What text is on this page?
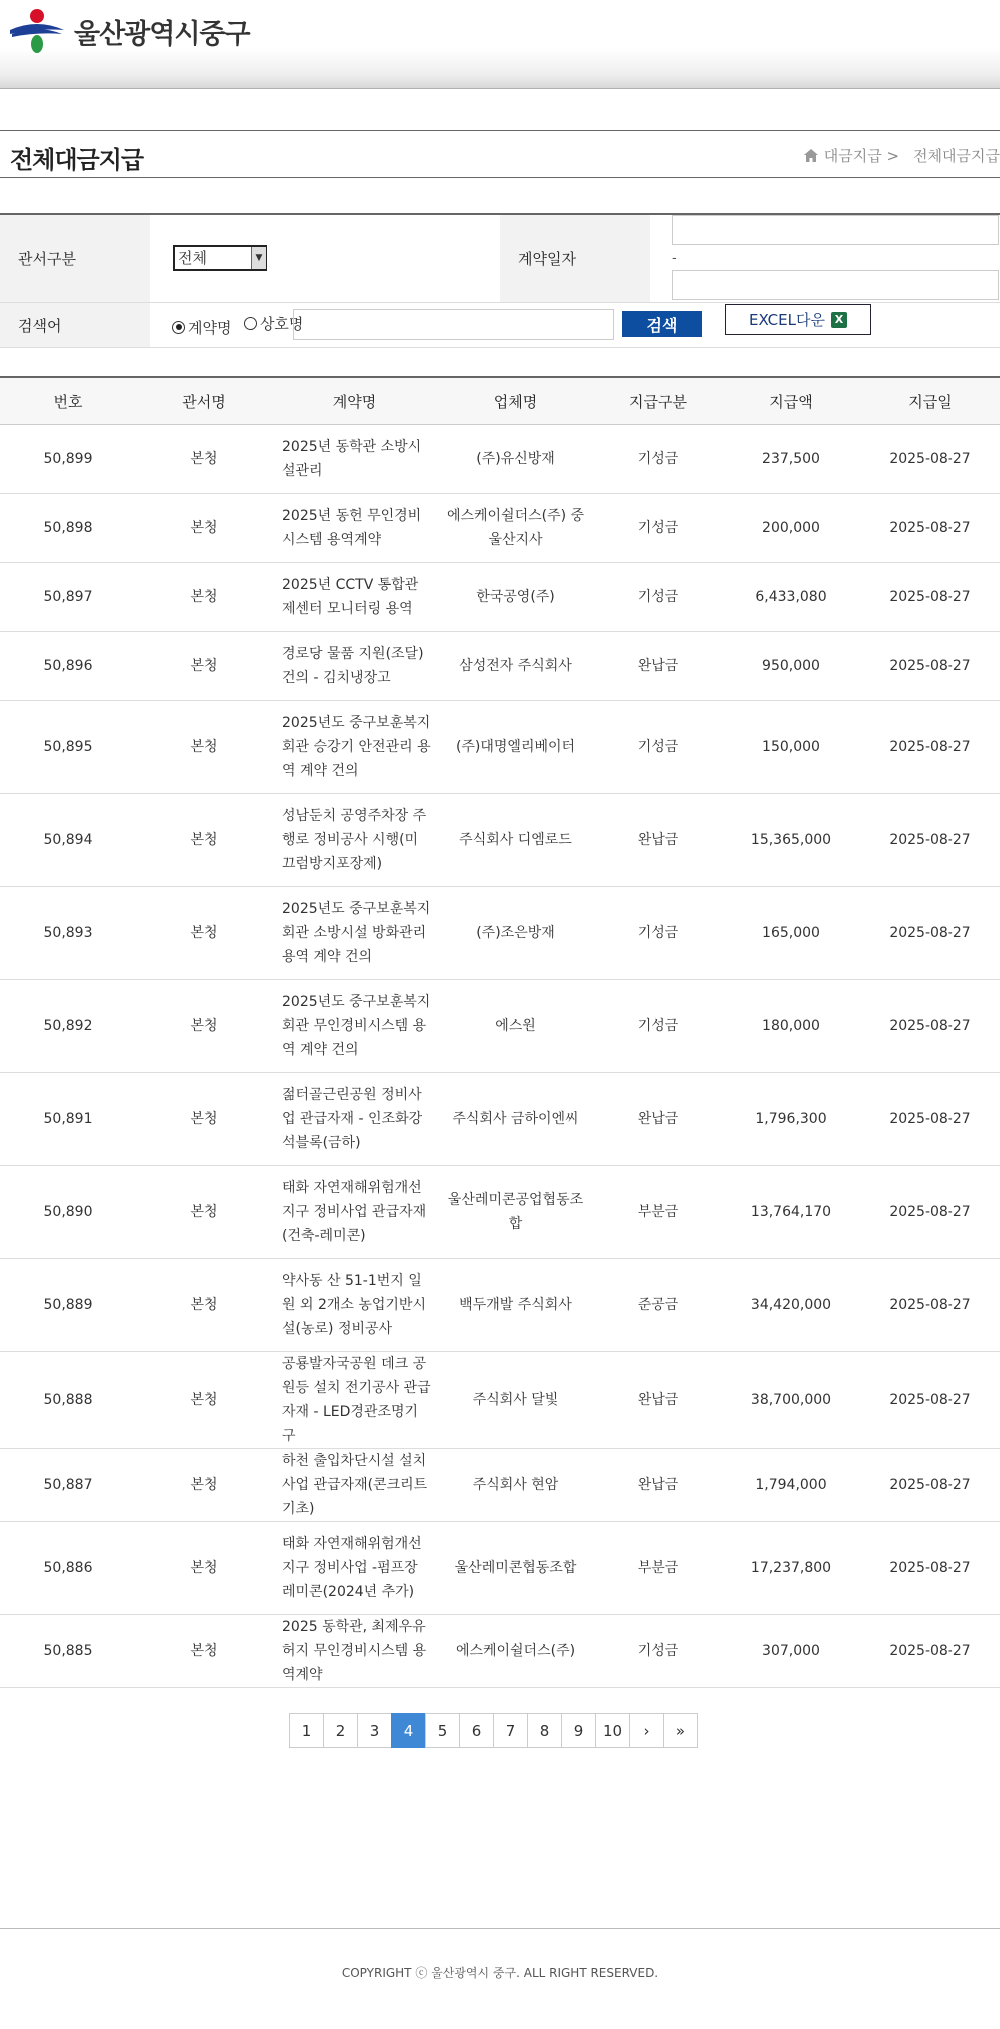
울산광역시중구
전체대금지급	대금지급 > 전체대금지급
관서구분	전체	▼	계약일자	-
검색어	계약명
상호명	검색	EXCEL다운 X
번호	관서명	계약명	업체명	지급구분	지급액	지급일
50,899	본청	2025년 동학관 소방시설관리	(주)유신방재	기성금	237,500	2025-08-27
50,898	본청	2025년 동헌 무인경비시스템 용역계약	에스케이쉴더스(주) 중울산지사	기성금	200,000	2025-08-27
50,897	본청	2025년 CCTV 통합관제센터 모니터링 용역	한국공영(주)	기성금	6,433,080	2025-08-27
50,896	본청	경로당 물품 지원(조달) 건의 - 김치냉장고	삼성전자 주식회사	완납금	950,000	2025-08-27
50,895	본청	2025년도 중구보훈복지회관 승강기 안전관리 용역 계약 건의	(주)대명엘리베이터	기성금	150,000	2025-08-27
50,894	본청	성남둔치 공영주차장 주행로 정비공사 시행(미끄럼방지포장제)	주식회사 디엠로드	완납금	15,365,000	2025-08-27
50,893	본청	2025년도 중구보훈복지회관 소방시설 방화관리 용역 계약 건의	(주)조은방재	기성금	165,000	2025-08-27
50,892	본청	2025년도 중구보훈복지회관 무인경비시스템 용역 계약 건의	에스원	기성금	180,000	2025-08-27
50,891	본청	젊터골근린공원 정비사업 관급자재 - 인조화강석블록(금하)	주식회사 금하이엔씨	완납금	1,796,300	2025-08-27
50,890	본청	태화 자연재해위험개선지구 정비사업 관급자재(건축-레미콘)	울산레미콘공업협동조합	부분금	13,764,170	2025-08-27
50,889	본청	약사동 산 51-1번지 일원 외 2개소 농업기반시설(농로) 정비공사	백두개발 주식회사	준공금	34,420,000	2025-08-27
50,888	본청	공룡발자국공원 데크 공원등 설치 전기공사 관급자재 - LED경관조명기구	주식회사 달빛	완납금	38,700,000	2025-08-27
50,887	본청	하천 출입차단시설 설치사업 관급자재(콘크리트기초)	주식회사 현암	완납금	1,794,000	2025-08-27
50,886	본청	태화 자연재해위험개선지구 정비사업 -펌프장레미콘(2024년 추가)	울산레미콘협동조합	부분금	17,237,800	2025-08-27
50,885	본청	2025 동학관, 최제우유허지 무인경비시스템 용역계약	에스케이쉴더스(주)	기성금	307,000	2025-08-27
1	2	3	4	5	6	7	8	9	10	›	»
COPYRIGHT ⓒ 울산광역시 중구. ALL RIGHT RESERVED.
